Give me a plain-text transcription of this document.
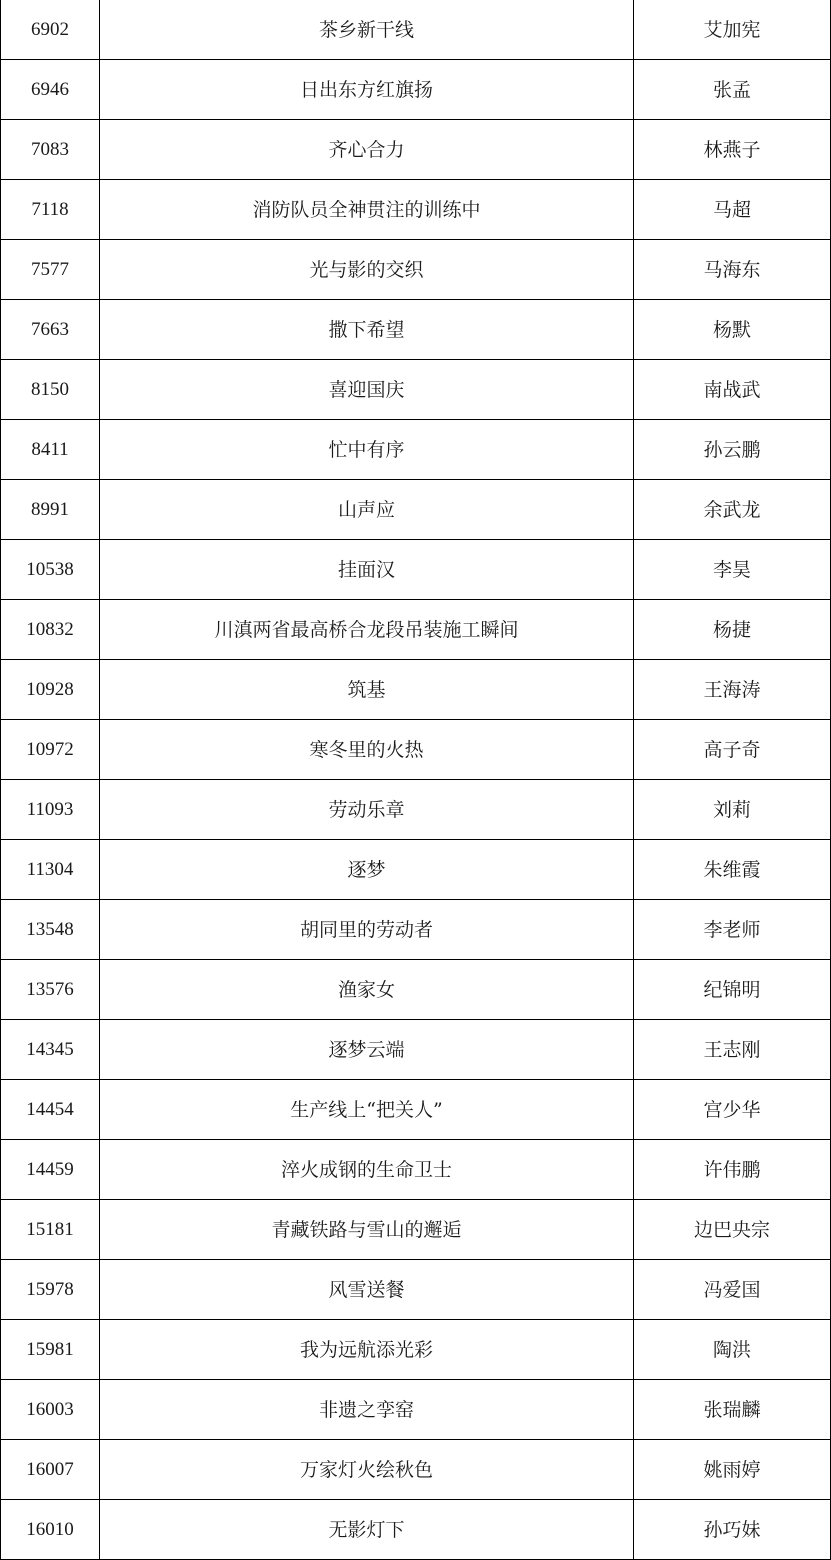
6902	茶乡新干线	艾加宪
6946	日出东方红旗扬	张孟
7083	齐心合力	林燕子
7118	消防队员全神贯注的训练中	马超
7577	光与影的交织	马海东
7663	撒下希望	杨默
8150	喜迎国庆	南战武
8411	忙中有序	孙云鹏
8991	山声应	余武龙
10538	挂面汉	李昊
10832	川滇两省最高桥合龙段吊装施工瞬间	杨捷
10928	筑基	王海涛
10972	寒冬里的火热	高子奇
11093	劳动乐章	刘莉
11304	逐梦	朱维霞
13548	胡同里的劳动者	李老师
13576	渔家女	纪锦明
14345	逐梦云端	王志刚
14454	生产线上“把关人”	宫少华
14459	淬火成钢的生命卫士	许伟鹏
15181	青藏铁路与雪山的邂逅	边巴央宗
15978	风雪送餐	冯爱国
15981	我为远航添光彩	陶洪
16003	非遗之孪窑	张瑞麟
16007	万家灯火绘秋色	姚雨婷
16010	无影灯下	孙巧妹
